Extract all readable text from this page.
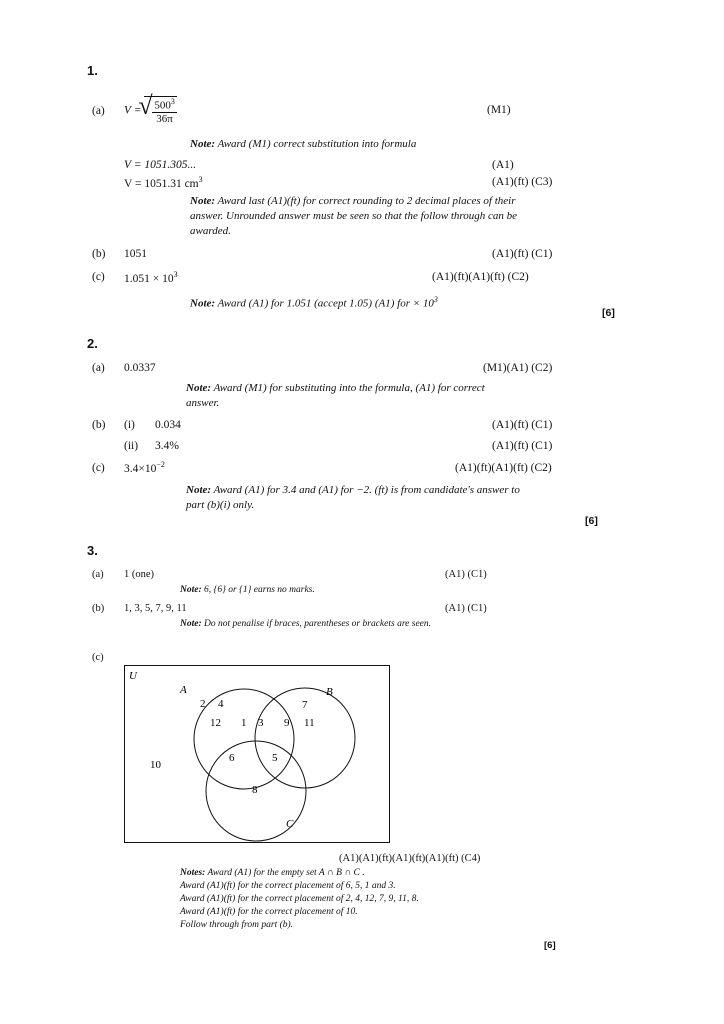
1.
(a) V =
√ $\frac{500^3}{36\pi}$	(M1)
Note: Award (M1) correct substitution into formula
V = 1051.305...	(A1)
V = 1051.31 $cm^3$	(A1)(ft) (C3)
Note: Award last (A1)(ft) for correct rounding to 2 decimal places of their answer. Unrounded answer must be seen so that the follow through can be awarded.
(b) 1051	(A1)(ft) (C1)
(c) $1.051 \times 10^3$	(A1)(ft)(A1)(ft) (C2)
Note: Award (A1) for 1.051 (accept 1.05) (A1) for × $10^3$
[6]
2.
(a) 0.0337	(M1)(A1) (C2)
Note: Award (M1) for substituting into the formula, (A1) for correct answer.
(b) (i) 0.034	(A1)(ft) (C1)
(ii) 3.4%	(A1)(ft) (C1)
(c) $3.4\times 10^{-2}$	(A1)(ft)(A1)(ft) (C2)
Note: Award (A1) for 3.4 and (A1) for −2. (ft) is from candidate's answer to part (b)(i) only.
[6]
3.
(a) 1 (one)	(A1) (C1)
Note: 6, {6} or {1} earns no marks.
(b) 1, 3, 5, 7, 9, 11	(A1) (C1)
Note: Do not penalise if braces, parentheses or brackets are seen.
(c)
U
A	B
C
2 4
12 1 3
7
9 11
6	5
8
10
(A1)(A1)(ft)(A1)(ft)(A1)(ft) (C4)
Notes: Award (A1) for the empty set A ∩ B ∩ C .
Award (A1)(ft) for the correct placement of 6, 5, 1 and 3.
Award (A1)(ft) for the correct placement of 2, 4, 12, 7, 9, 11, 8.
Award (A1)(ft) for the correct placement of 10.
Follow through from part (b).
[6]
